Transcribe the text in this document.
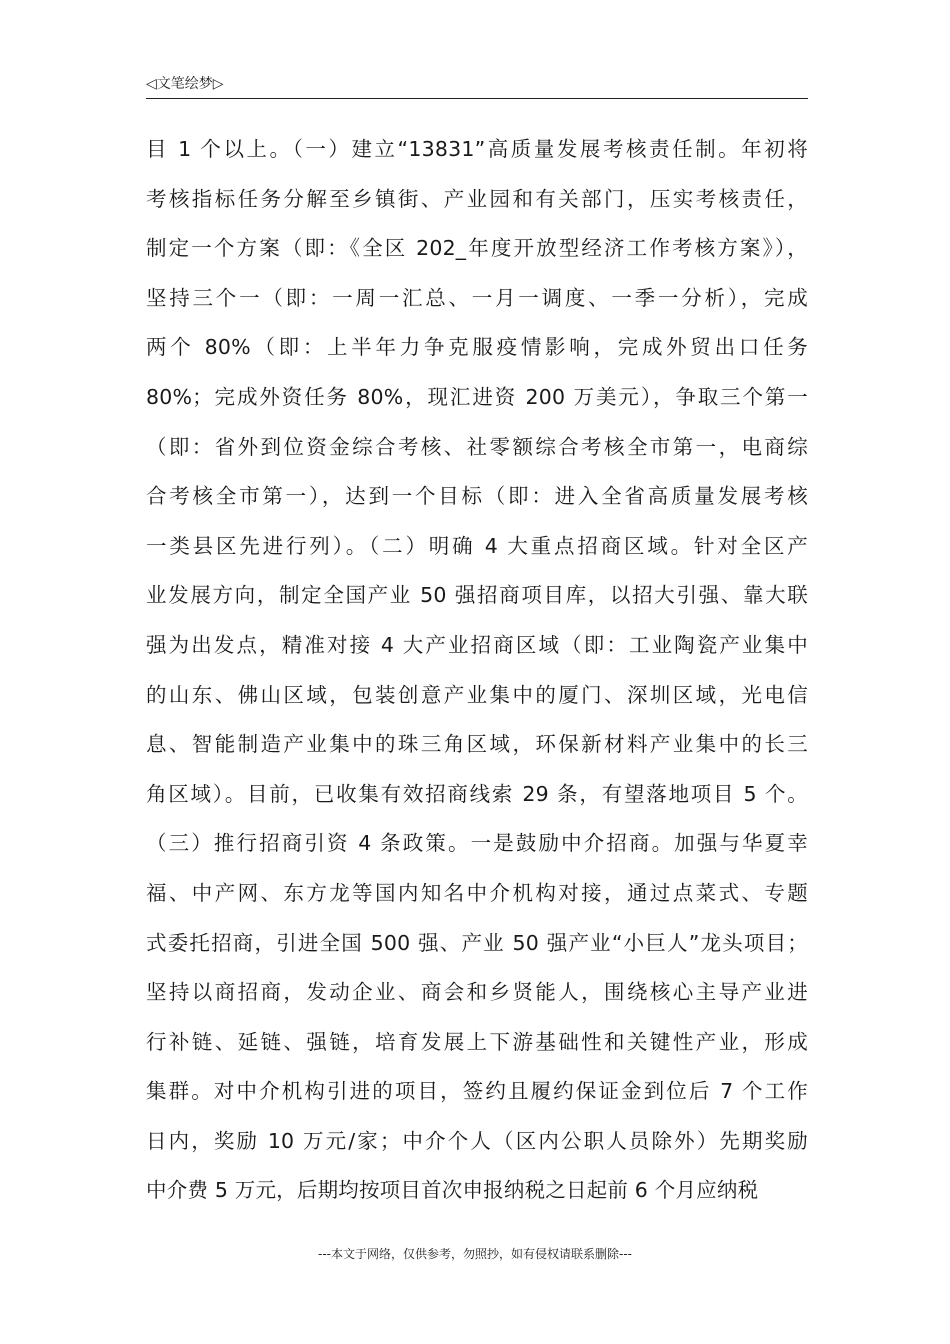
◁文笔绘梦▷
目 1 个以上。（一）建立“13831”高质量发展考核责任制。年初将
考核指标任务分解至乡镇街、产业园和有关部门，压实考核责任，
制定一个方案（即：《全区 202_年度开放型经济工作考核方案》），
坚持三个一（即：一周一汇总、一月一调度、一季一分析），完成
两个 80%（即：上半年力争克服疫情影响，完成外贸出口任务
80%；完成外资任务 80%，现汇进资 200 万美元），争取三个第一
（即：省外到位资金综合考核、社零额综合考核全市第一，电商综
合考核全市第一），达到一个目标（即：进入全省高质量发展考核
一类县区先进行列）。（二）明确 4 大重点招商区域。针对全区产
业发展方向，制定全国产业 50 强招商项目库，以招大引强、靠大联
强为出发点，精准对接 4 大产业招商区域（即：工业陶瓷产业集中
的山东、佛山区域，包装创意产业集中的厦门、深圳区域，光电信
息、智能制造产业集中的珠三角区域，环保新材料产业集中的长三
角区域）。目前，已收集有效招商线索 29 条，有望落地项目 5 个。
（三）推行招商引资 4 条政策。一是鼓励中介招商。加强与华夏幸
福、中产网、东方龙等国内知名中介机构对接，通过点菜式、专题
式委托招商，引进全国 500 强、产业 50 强产业“小巨人”龙头项目；
坚持以商招商，发动企业、商会和乡贤能人，围绕核心主导产业进
行补链、延链、强链，培育发展上下游基础性和关键性产业，形成
集群。对中介机构引进的项目，签约且履约保证金到位后 7 个工作
日内，奖励 10 万元/家；中介个人（区内公职人员除外）先期奖励
中介费 5 万元，后期均按项目首次申报纳税之日起前 6 个月应纳税
---本文于网络，仅供参考，勿照抄，如有侵权请联系删除---
